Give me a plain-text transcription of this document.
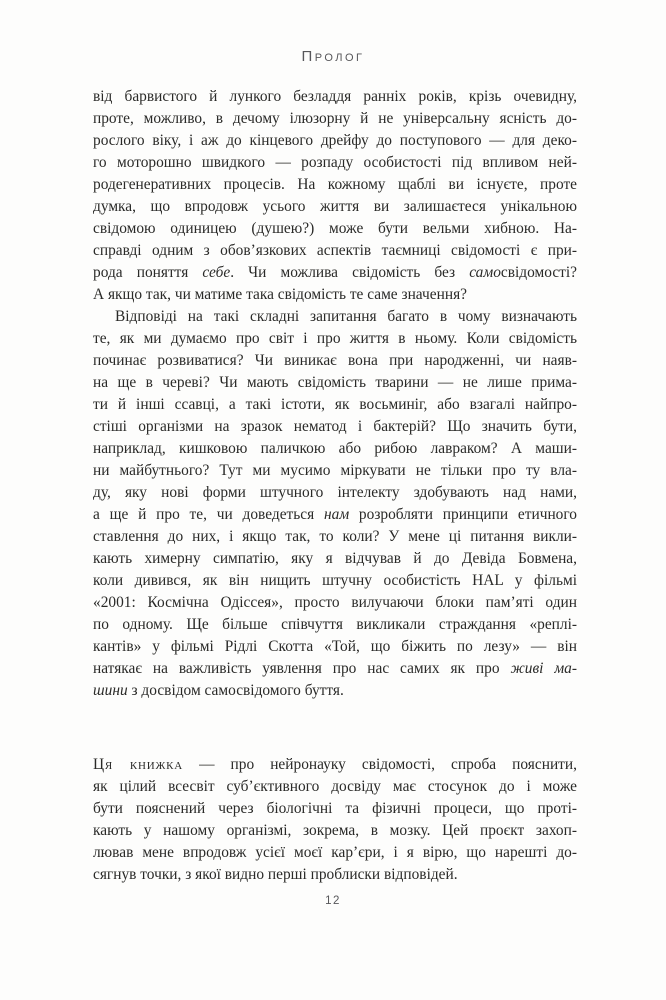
Пролог
від барвистого й лункого безладдя ранніх років, крізь очевидну,
проте, можливо, в дечому ілюзорну й не універсальну ясність до-
рослого віку, і аж до кінцевого дрейфу до поступового — для деко-
го моторошно швидкого — розпаду особистості під впливом ней-
родегенеративних процесів. На кожному щаблі ви існуєте, проте
думка, що впродовж усього життя ви залишаєтеся унікальною
свідомою одиницею (душею?) може бути вельми хибною. На-
справді одним з обов’язкових аспектів таємниці свідомості є при-
рода поняття себе. Чи можлива свідомість без самосвідомості?
А якщо так, чи матиме така свідомість те саме значення?
Відповіді на такі складні запитання багато в чому визначають
те, як ми думаємо про світ і про життя в ньому. Коли свідомість
починає розвиватися? Чи виникає вона при народженні, чи наяв-
на ще в череві? Чи мають свідомість тварини — не лише прима-
ти й інші ссавці, а такі істоти, як восьминіг, або взагалі найпро-
стіші організми на зразок нематод і бактерій? Що значить бути,
наприклад, кишковою паличкою або рибою лавраком? А маши-
ни майбутнього? Тут ми мусимо міркувати не тільки про ту вла-
ду, яку нові форми штучного інтелекту здобувають над нами,
а ще й про те, чи доведеться нам розробляти принципи етичного
ставлення до них, і якщо так, то коли? У мене ці питання викли-
кають химерну симпатію, яку я відчував й до Девіда Бовмена,
коли дивився, як він нищить штучну особистість HAL у фільмі
«2001: Космічна Одіссея», просто вилучаючи блоки пам’яті один
по одному. Ще більше співчуття викликали страждання «реплі-
кантів» у фільмі Рідлі Скотта «Той, що біжить по лезу» — він
натякає на важливість уявлення про нас самих як про живі ма-
шини з досвідом самосвідомого буття.
Ця книжка — про нейронауку свідомості, спроба пояснити,
як цілий всесвіт суб’єктивного досвіду має стосунок до і може
бути пояснений через біологічні та фізичні процеси, що проті-
кають у нашому організмі, зокрема, в мозку. Цей проєкт захоп-
лював мене впродовж усієї моєї кар’єри, і я вірю, що нарешті до-
сягнув точки, з якої видно перші проблиски відповідей.
12
